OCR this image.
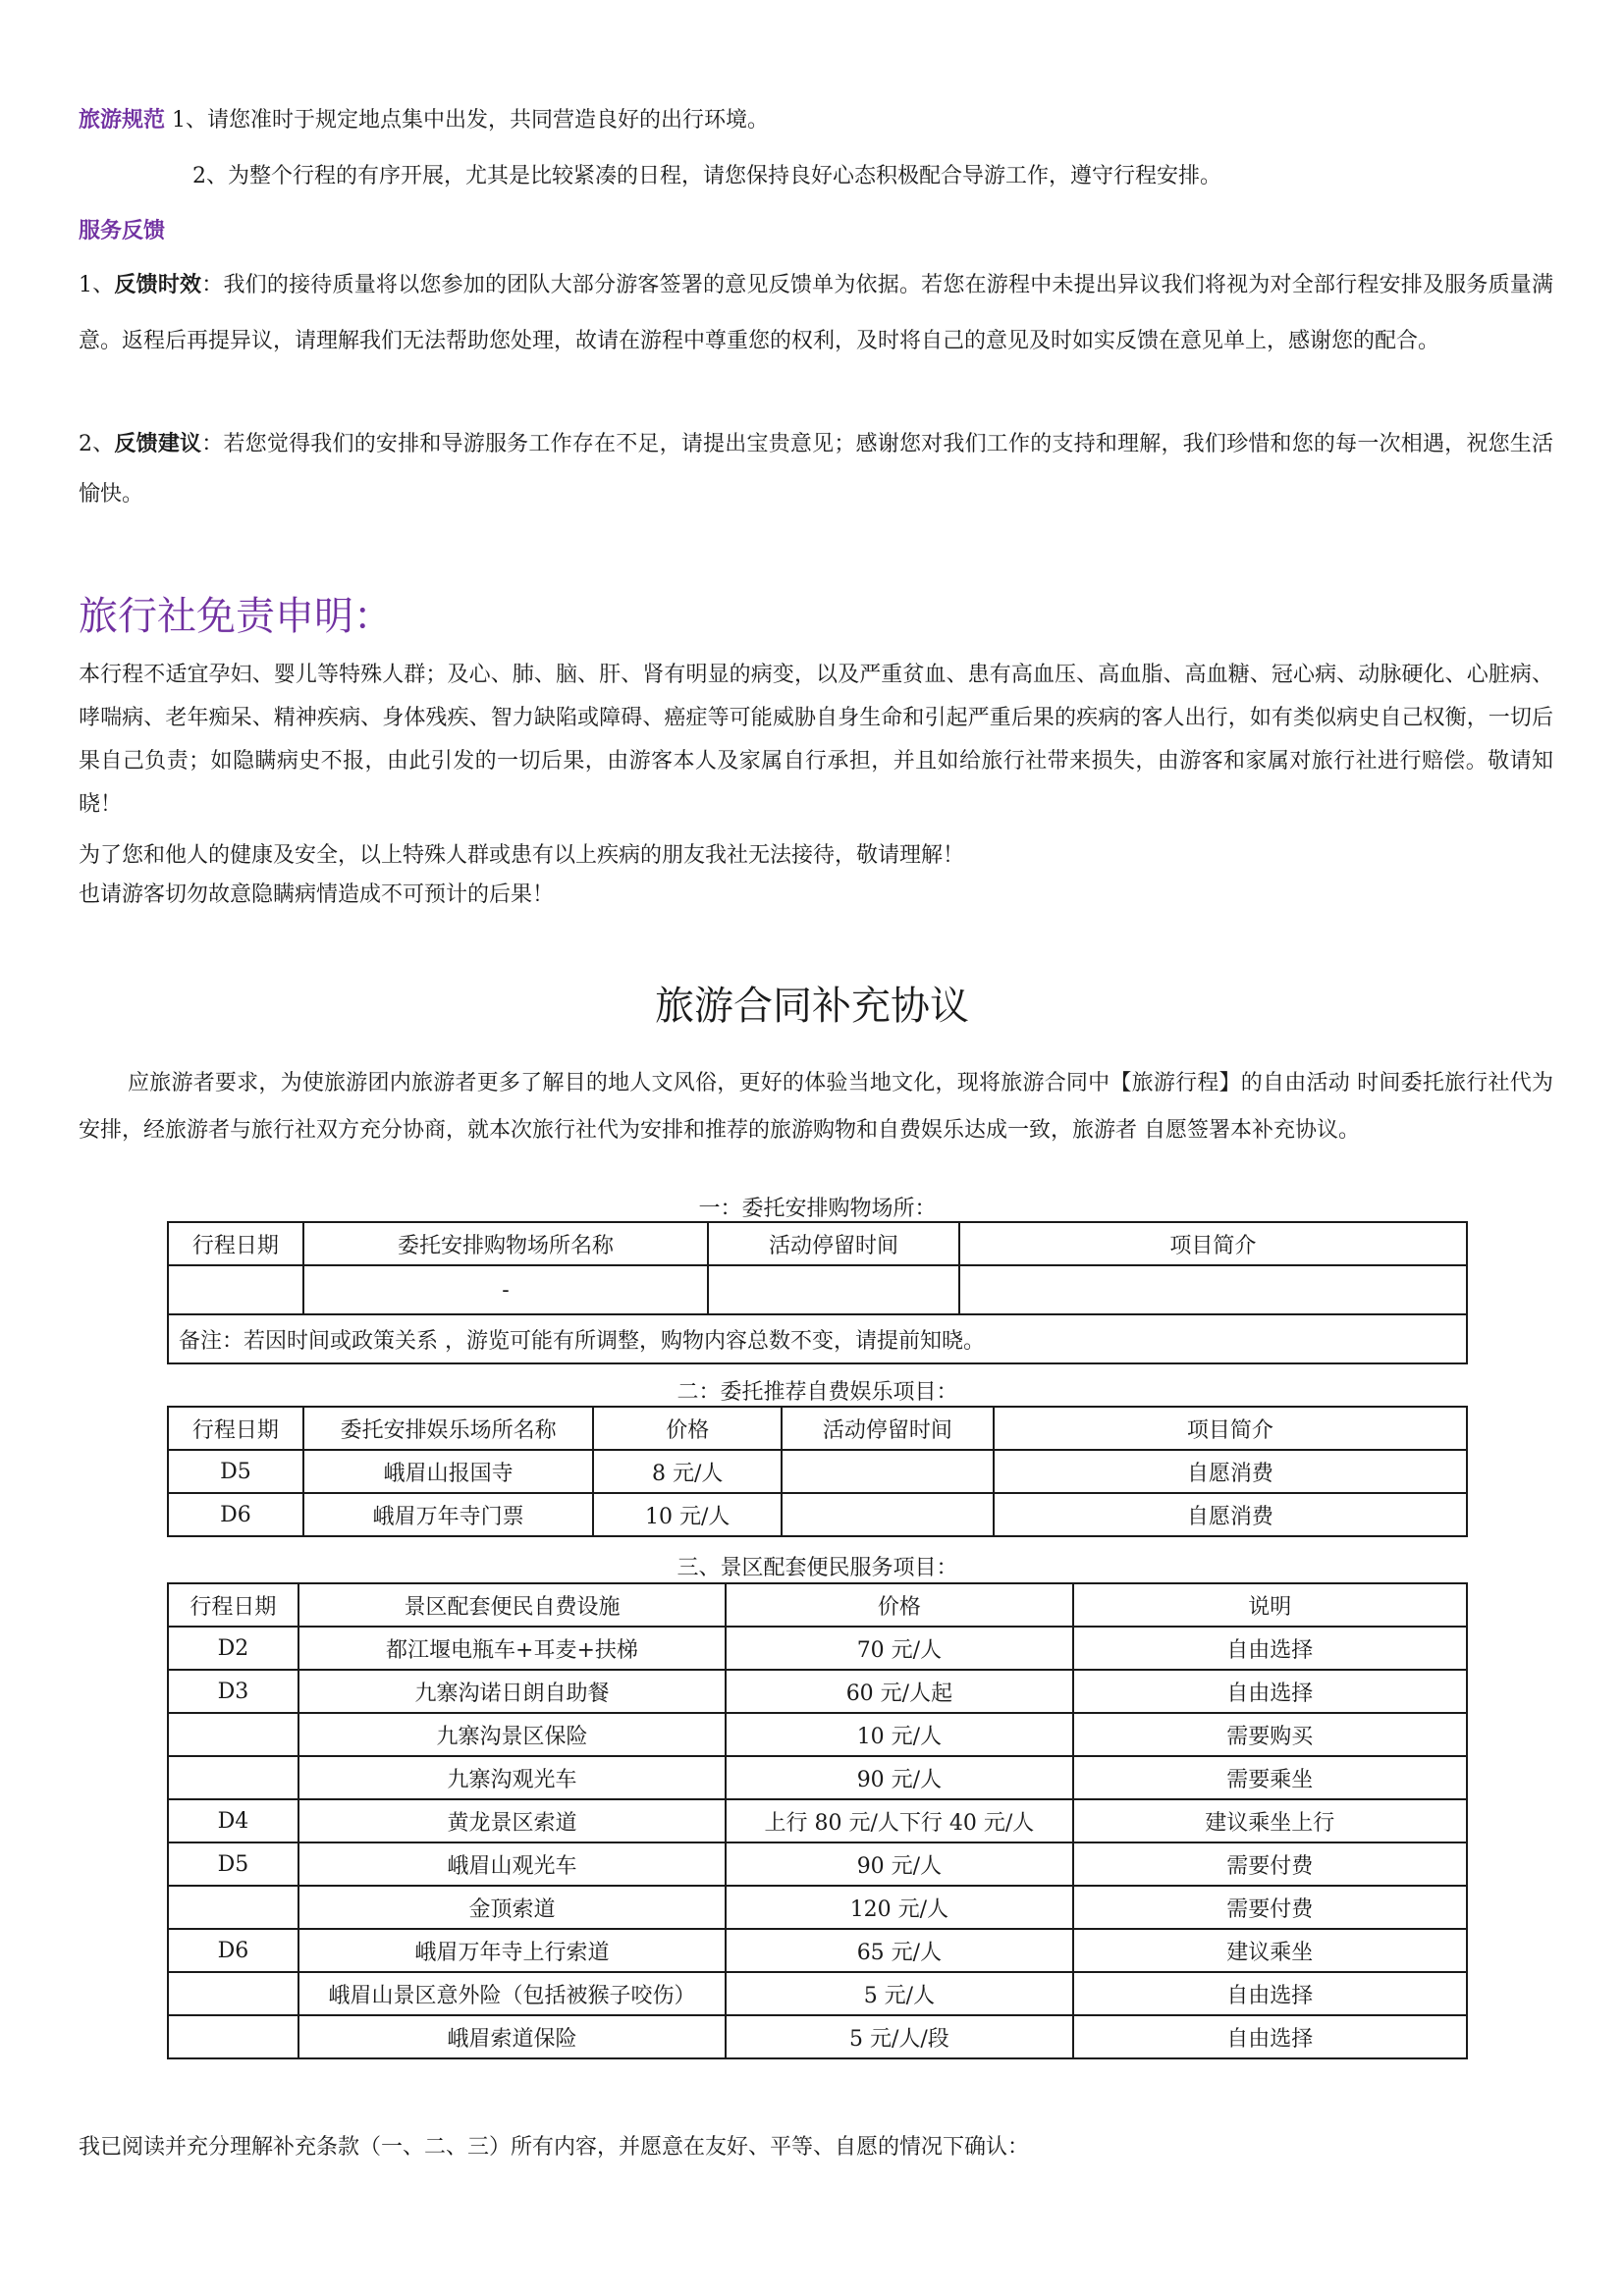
旅游规范 1、请您准时于规定地点集中出发，共同营造良好的出行环境。
2、为整个行程的有序开展，尤其是比较紧凑的日程，请您保持良好心态积极配合导游工作，遵守行程安排。
服务反馈
1、反馈时效：我们的接待质量将以您参加的团队大部分游客签署的意见反馈单为依据。若您在游程中未提出异议我们将视为对全部行程安排及服务质量满意。返程后再提异议，请理解我们无法帮助您处理，故请在游程中尊重您的权利，及时将自己的意见及时如实反馈在意见单上，感谢您的配合。
2、反馈建议：若您觉得我们的安排和导游服务工作存在不足，请提出宝贵意见；感谢您对我们工作的支持和理解，我们珍惜和您的每一次相遇，祝您生活愉快。
旅行社免责申明：
本行程不适宜孕妇、婴儿等特殊人群；及心、肺、脑、肝、肾有明显的病变，以及严重贫血、患有高血压、高血脂、高血糖、冠心病、动脉硬化、心脏病、哮喘病、老年痴呆、精神疾病、身体残疾、智力缺陷或障碍、癌症等可能威胁自身生命和引起严重后果的疾病的客人出行，如有类似病史自己权衡，一切后果自己负责；如隐瞒病史不报，由此引发的一切后果，由游客本人及家属自行承担，并且如给旅行社带来损失，由游客和家属对旅行社进行赔偿。敬请知晓！
为了您和他人的健康及安全，以上特殊人群或患有以上疾病的朋友我社无法接待，敬请理解！
也请游客切勿故意隐瞒病情造成不可预计的后果！
旅游合同补充协议
应旅游者要求，为使旅游团内旅游者更多了解目的地人文风俗，更好的体验当地文化，现将旅游合同中【旅游行程】的自由活动 时间委托旅行社代为安排，经旅游者与旅行社双方充分协商，就本次旅行社代为安排和推荐的旅游购物和自费娱乐达成一致，旅游者 自愿签署本补充协议。
一：委托安排购物场所：
行程日期	委托安排购物场所名称	活动停留时间	项目简介
	-		
备注：若因时间或政策关系 ，游览可能有所调整，购物内容总数不变，请提前知晓。			
二：委托推荐自费娱乐项目：
行程日期	委托安排娱乐场所名称	价格	活动停留时间	项目简介
D5	峨眉山报国寺	8 元/人		自愿消费
D6	峨眉万年寺门票	10 元/人		自愿消费
三、景区配套便民服务项目：
行程日期	景区配套便民自费设施	价格	说明
D2	都江堰电瓶车+耳麦+扶梯	70 元/人	自由选择
D3	九寨沟诺日朗自助餐	60 元/人起	自由选择
	九寨沟景区保险	10 元/人	需要购买
	九寨沟观光车	90 元/人	需要乘坐
D4	黄龙景区索道	上行 80 元/人下行 40 元/人	建议乘坐上行
D5	峨眉山观光车	90 元/人	需要付费
	金顶索道	120 元/人	需要付费
D6	峨眉万年寺上行索道	65 元/人	建议乘坐
	峨眉山景区意外险（包括被猴子咬伤）	5 元/人	自由选择
	峨眉索道保险	5 元/人/段	自由选择
我已阅读并充分理解补充条款（一、二、三）所有内容，并愿意在友好、平等、自愿的情况下确认：
